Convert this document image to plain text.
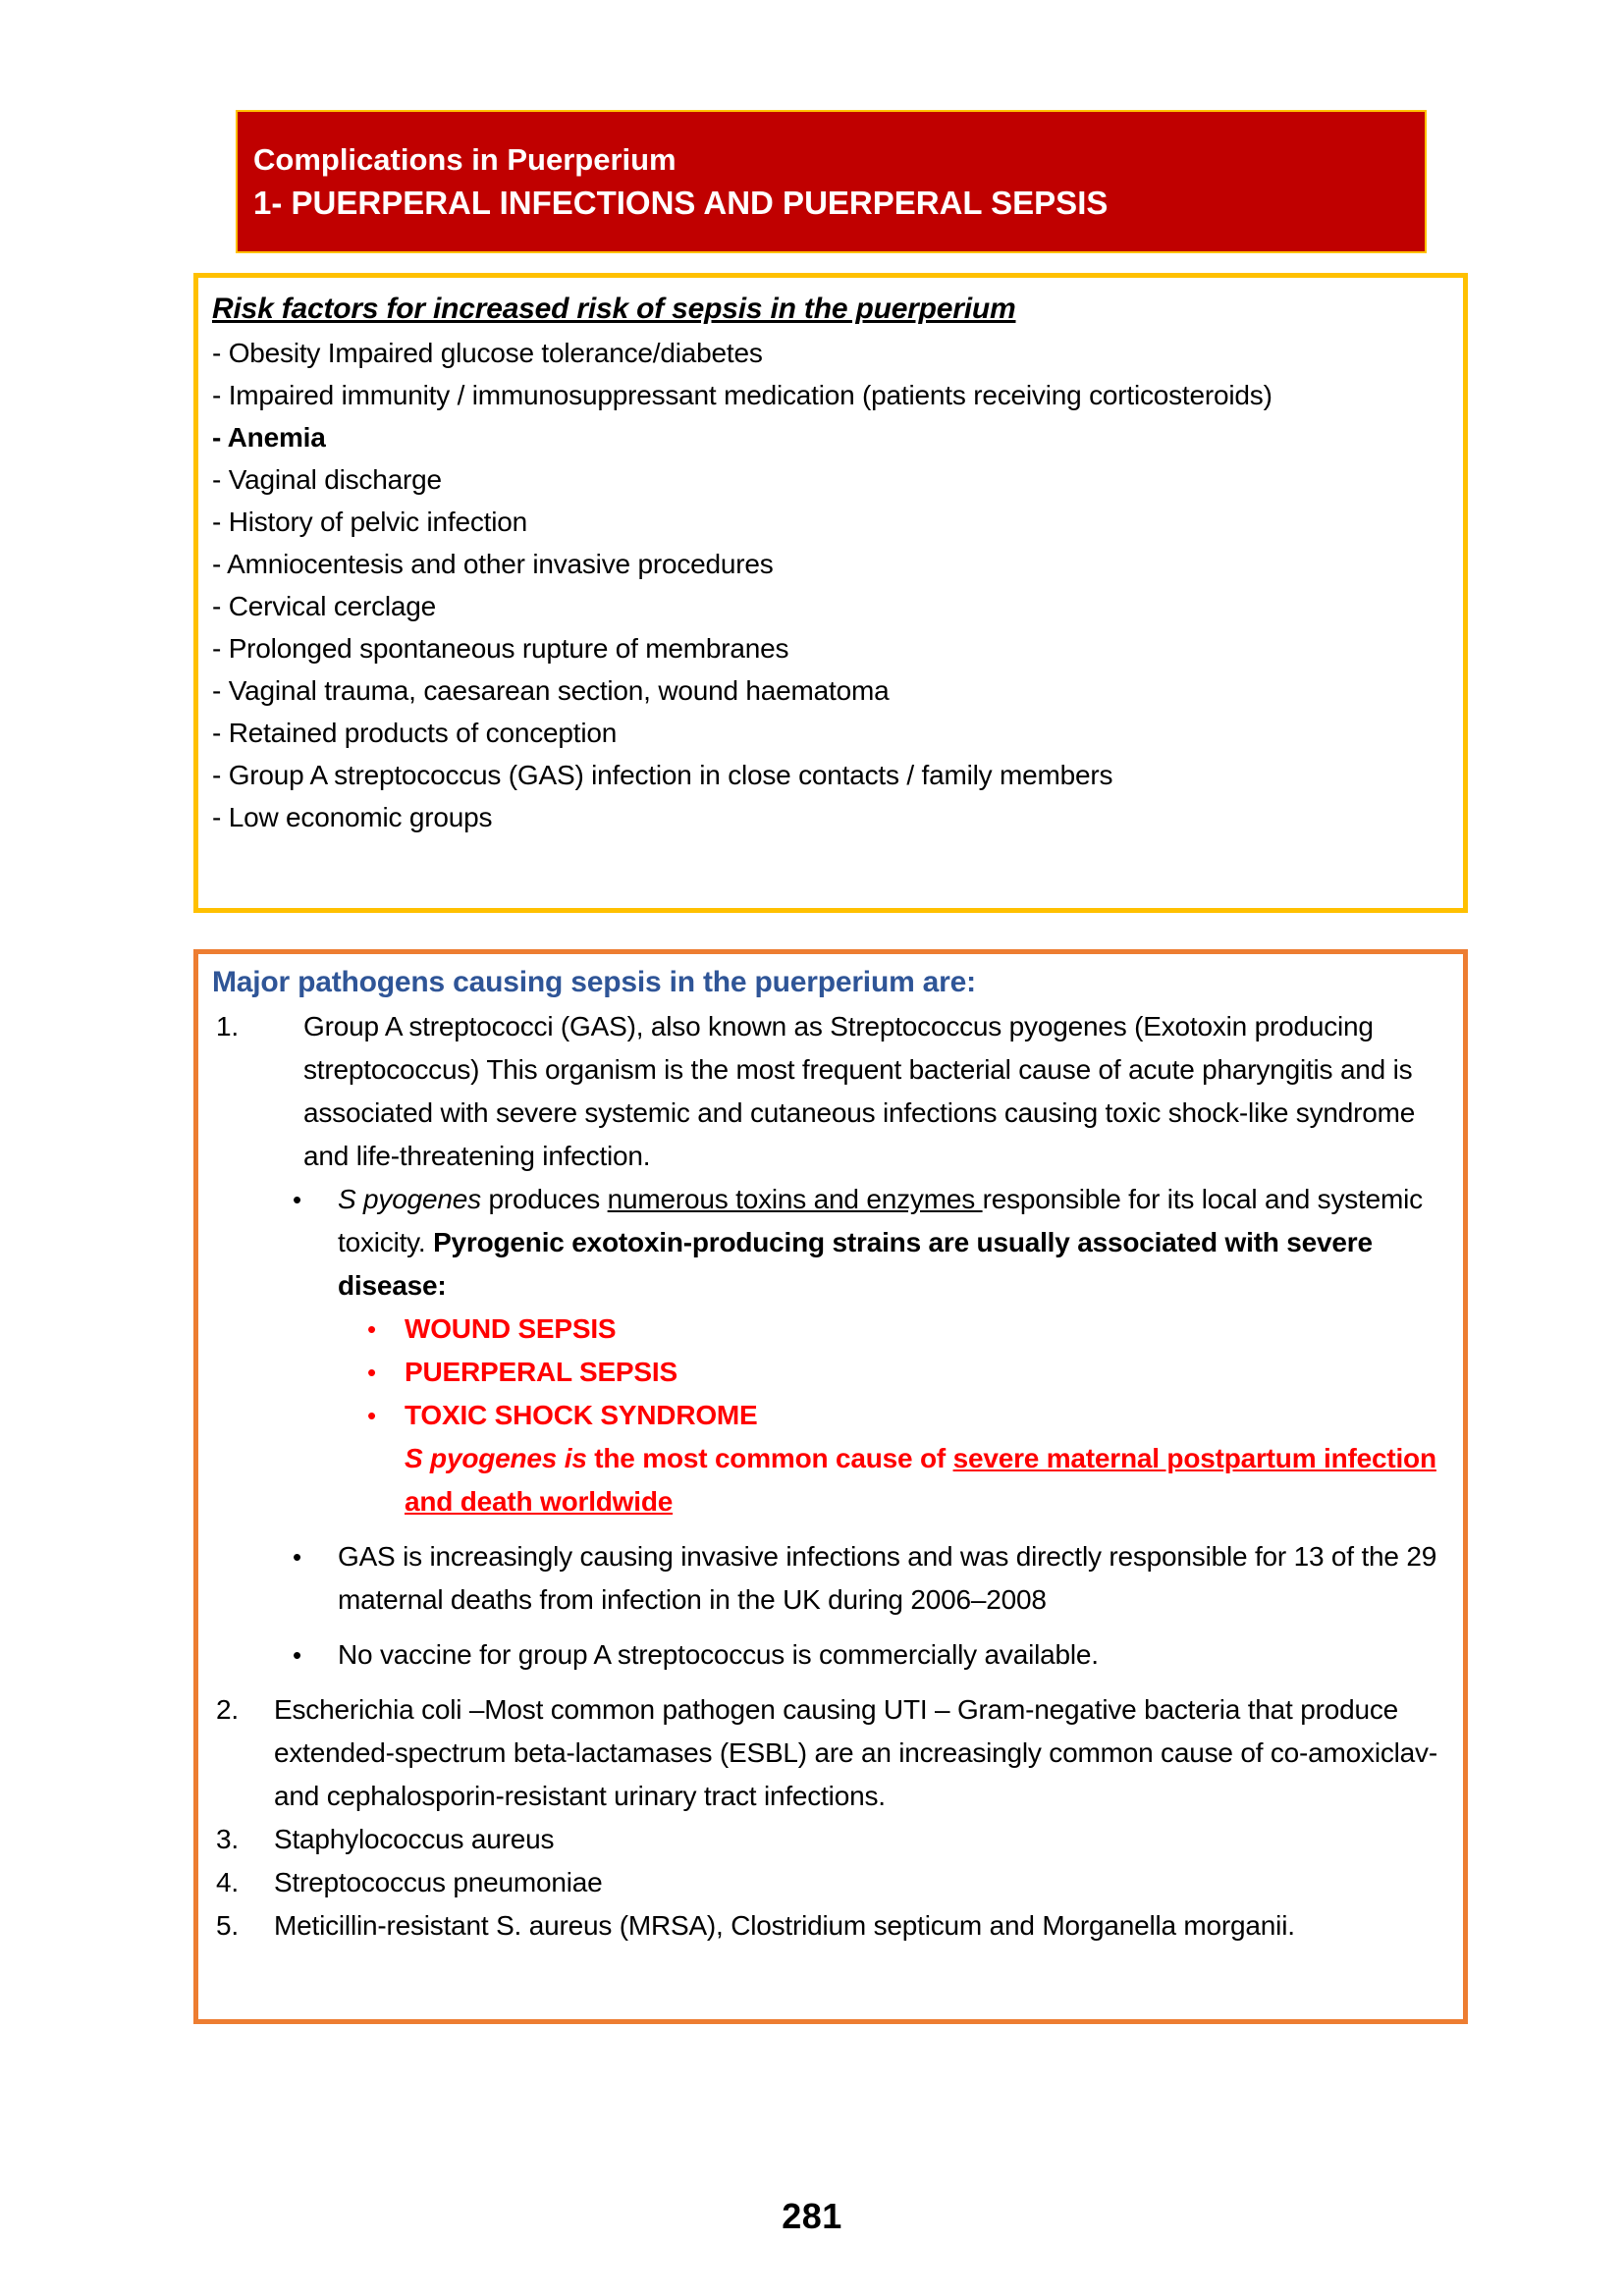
Complications in Puerperium
1- PUERPERAL INFECTIONS AND PUERPERAL SEPSIS
Risk factors for increased risk of sepsis in the puerperium
- Obesity Impaired glucose tolerance/diabetes
- Impaired immunity / immunosuppressant medication (patients receiving corticosteroids)
- Anemia
- Vaginal discharge
- History of pelvic infection
- Amniocentesis and other invasive procedures
- Cervical cerclage
- Prolonged spontaneous rupture of membranes
- Vaginal trauma, caesarean section, wound haematoma
- Retained products of conception
- Group A streptococcus (GAS) infection in close contacts / family members
- Low economic groups
Major pathogens causing sepsis in the puerperium are:
1.	Group A streptococci (GAS), also known as Streptococcus pyogenes (Exotoxin producing streptococcus) This organism is the most frequent bacterial cause of acute pharyngitis and is associated with severe systemic and cutaneous infections causing toxic shock-like syndrome and life-threatening infection.
•	S pyogenes produces numerous toxins and enzymes responsible for its local and systemic toxicity. Pyrogenic exotoxin-producing strains are usually associated with severe disease:
•	WOUND SEPSIS
•	PUERPERAL SEPSIS
•	TOXIC SHOCK SYNDROME
S pyogenes is the most common cause of severe maternal postpartum infection and death worldwide
•	GAS is increasingly causing invasive infections and was directly responsible for 13 of the 29 maternal deaths from infection in the UK during 2006–2008
•	No vaccine for group A streptococcus is commercially available.
2.	Escherichia coli –Most common pathogen causing UTI – Gram-negative bacteria that produce extended-spectrum beta-lactamases (ESBL) are an increasingly common cause of co-amoxiclav- and cephalosporin-resistant urinary tract infections.
3.	Staphylococcus aureus
4.	Streptococcus pneumoniae
5.	Meticillin-resistant S. aureus (MRSA), Clostridium septicum and Morganella morganii.
281
